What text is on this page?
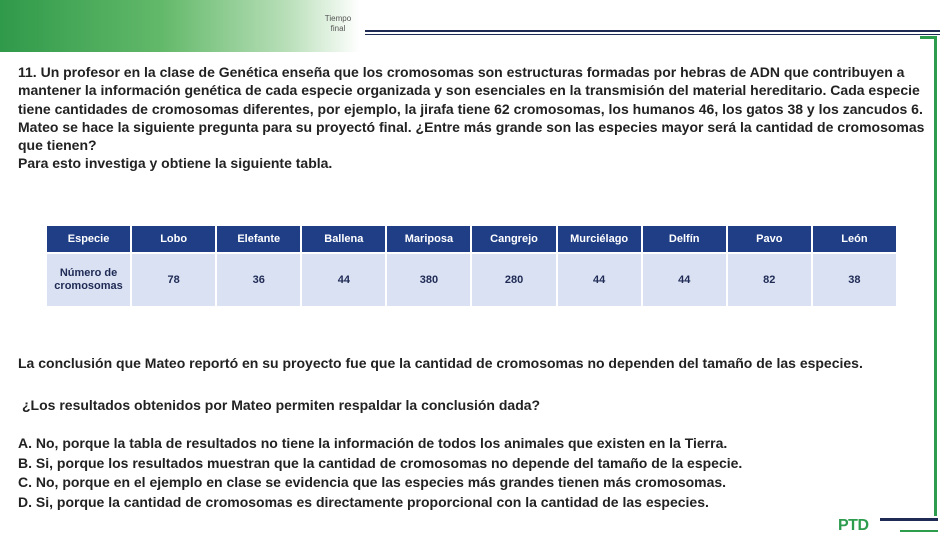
Tiempo
final

11. Un profesor en la clase de Genética enseña que los cromosomas son estructuras formadas por hebras de ADN que contribuyen a mantener la información genética de cada especie organizada y son esenciales en la transmisión del material hereditario. Cada especie tiene cantidades de cromosomas diferentes, por ejemplo, la jirafa tiene 62 cromosomas, los humanos 46, los gatos 38 y los zancudos 6.

Mateo se hace la siguiente pregunta para su proyectó final. ¿Entre más grande son las especies mayor será la cantidad de cromosomas que tienen?

Para esto investiga y obtiene la siguiente tabla.

Especie	Lobo	Elefante	Ballena	Mariposa	Cangrejo	Murciélago	Delfín	Pavo	León
Número de cromosomas	78	36	44	380	280	44	44	82	38
La conclusión que Mateo reportó en su proyecto fue que la cantidad de cromosomas no dependen del tamaño de las especies.
¿Los resultados obtenidos por Mateo permiten respaldar la conclusión dada?
A. No, porque la tabla de resultados no tiene la información de todos los animales que existen en la Tierra.
B. Si, porque los resultados muestran que la cantidad de cromosomas no depende del tamaño de la especie.
C. No, porque en el ejemplo en clase se evidencia que las especies más grandes tienen más cromosomas.
D. Si, porque la cantidad de cromosomas es directamente proporcional con la cantidad de las especies.
PTD
